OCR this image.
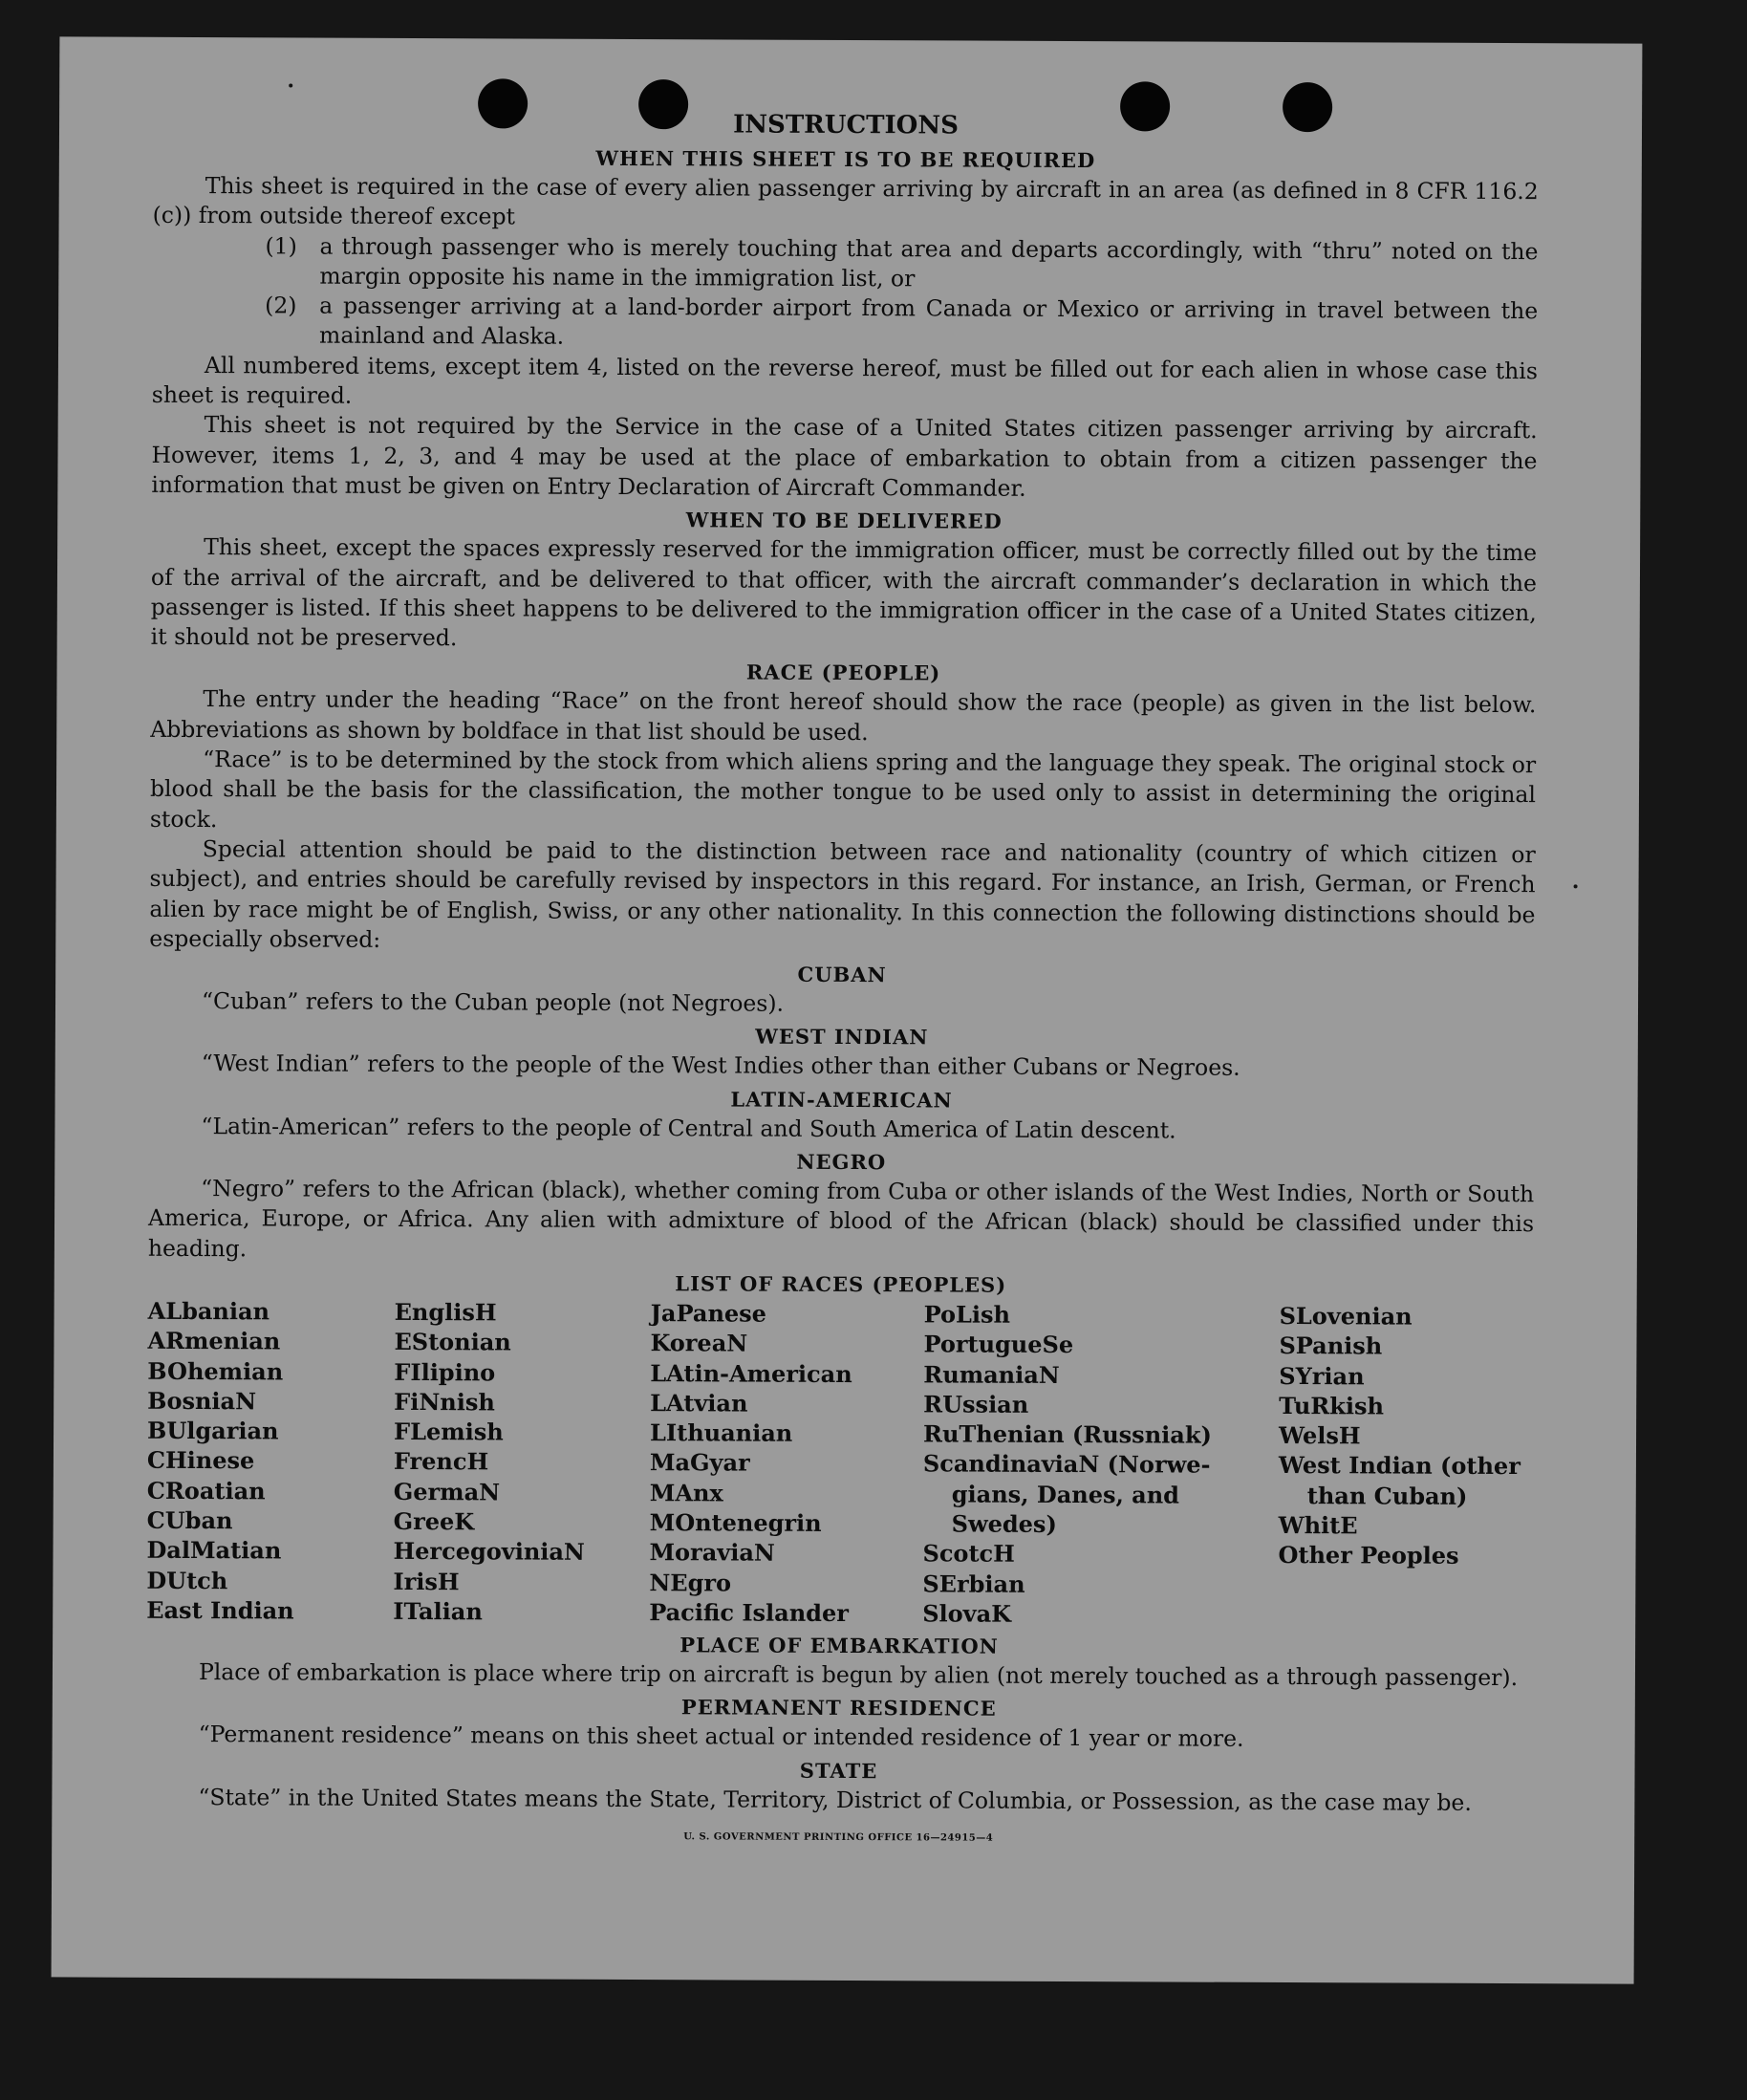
INSTRUCTIONS
WHEN THIS SHEET IS TO BE REQUIRED

This sheet is required in the case of every alien passenger arriving by aircraft in an area (as defined in 8 CFR 116.2 (c)) from outside thereof except

(1)	a through passenger who is merely touching that area and departs accordingly, with “thru” noted on the margin opposite his name in the immigration list, or
(2)	a passenger arriving at a land-border airport from Canada or Mexico or arriving in travel between the mainland and Alaska.

All numbered items, except item 4, listed on the reverse hereof, must be filled out for each alien in whose case this sheet is required.

This sheet is not required by the Service in the case of a United States citizen passenger arriving by aircraft. However, items 1, 2, 3, and 4 may be used at the place of embarkation to obtain from a citizen passenger the information that must be given on Entry Declaration of Aircraft Commander.

WHEN TO BE DELIVERED

This sheet, except the spaces expressly reserved for the immigration officer, must be correctly filled out by the time of the arrival of the aircraft, and be delivered to that officer, with the aircraft commander’s declaration in which the passenger is listed. If this sheet happens to be delivered to the immigration officer in the case of a United States citizen, it should not be preserved.

RACE (PEOPLE)

The entry under the heading “Race” on the front hereof should show the race (people) as given in the list below. Abbreviations as shown by boldface in that list should be used.

“Race” is to be determined by the stock from which aliens spring and the language they speak. The original stock or blood shall be the basis for the classification, the mother tongue to be used only to assist in determining the original stock.

Special attention should be paid to the distinction between race and nationality (country of which citizen or subject), and entries should be carefully revised by inspectors in this regard. For instance, an Irish, German, or French alien by race might be of English, Swiss, or any other nationality. In this connection the following distinctions should be especially observed:

CUBAN

“Cuban” refers to the Cuban people (not Negroes).

WEST INDIAN

“West Indian” refers to the people of the West Indies other than either Cubans or Negroes.

LATIN-AMERICAN

“Latin-American” refers to the people of Central and South America of Latin descent.

NEGRO

“Negro” refers to the African (black), whether coming from Cuba or other islands of the West Indies, North or South America, Europe, or Africa. Any alien with admixture of blood of the African (black) should be classified under this heading.

LIST OF RACES (PEOPLES)
ALbanian
ARmenian
BOhemian
BosniaN
BUlgarian
CHinese
CRoatian
CUban
DalMatian
DUtch
East Indian
EnglisH
EStonian
FIlipino
FiNnish
FLemish
FrencH
GermaN
GreeK
HercegoviniaN
IrisH
ITalian
JaPanese
KoreaN
LAtin-American
LAtvian
LIthuanian
MaGyar
MAnx
MOntenegrin
MoraviaN
NEgro
Pacific Islander
PoLish
PortugueSe
RumaniaN
RUssian
RuThenian (Russniak)
ScandinaviaN (Norwe-
gians, Danes, and
Swedes)
ScotcH
SErbian
SlovaK
SLovenian
SPanish
SYrian
TuRkish
WelsH
West Indian (other
than Cuban)
WhitE
Other Peoples
PLACE OF EMBARKATION

Place of embarkation is place where trip on aircraft is begun by alien (not merely touched as a through passenger).

PERMANENT RESIDENCE

“Permanent residence” means on this sheet actual or intended residence of 1 year or more.

STATE

“State” in the United States means the State, Territory, District of Columbia, or Possession, as the case may be.

U. S. GOVERNMENT PRINTING OFFICE 16—24915—4
